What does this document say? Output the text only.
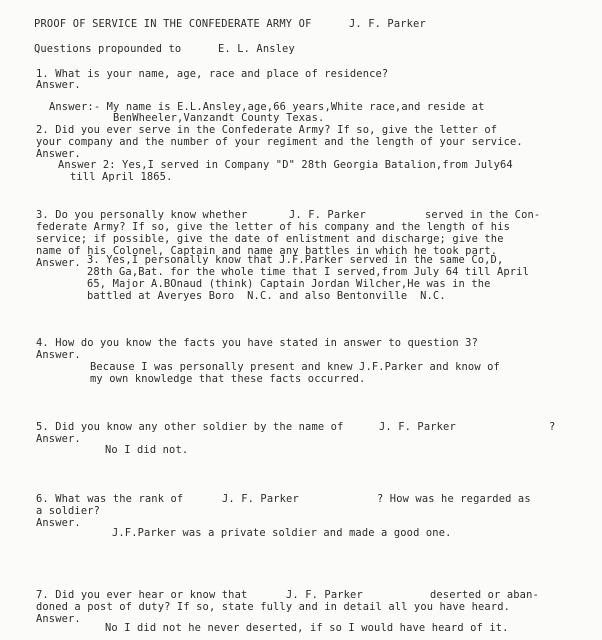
PROOF OF SERVICE IN THE CONFEDERATE ARMY OF	J. F. Parker
Questions propounded to	E. L. Ansley
1. What is your name, age, race and place of residence?
Answer.
Answer:- My name is E.L.Ansley,age,66 years,White race,and reside at
BenWheeler,Vanzandt County Texas.
2. Did you ever serve in the Confederate Army? If so, give the letter of
your company and the number of your regiment and the length of your service.
Answer.
Answer 2: Yes,I served in Company "D" 28th Georgia Batalion,from July64
till April 1865.
3. Do you personally know whether	J. F. Parker	served in the Con-
federate Army? If so, give the letter of his company and the length of his
service; if possible, give the date of enlistment and discharge; give the
name of his Colonel, Captain and name any battles in which he took part.
Answer. 3. Yes,I personally know that J.F.Parker served in the same Co,D,
28th Ga,Bat. for the whole time that I served,from July 64 till April
65, Major A.BOnaud (think) Captain Jordan Wilcher,He was in the
battled at Averyes Boro  N.C. and also Bentonville  N.C.
4. How do you know the facts you have stated in answer to question 3?
Answer.
Because I was personally present and knew J.F.Parker and know of
my own knowledge that these facts occurred.
5. Did you know any other soldier by the name of	J. F. Parker	?
Answer.
No I did not.
6. What was the rank of	J. F. Parker	? How was he regarded as
a soldier?
Answer.
J.F.Parker was a private soldier and made a good one.
7. Did you ever hear or know that	J. F. Parker	deserted or aban-
doned a post of duty? If so, state fully and in detail all you have heard.
Answer.
No I did not he never deserted, if so I would have heard of it.
